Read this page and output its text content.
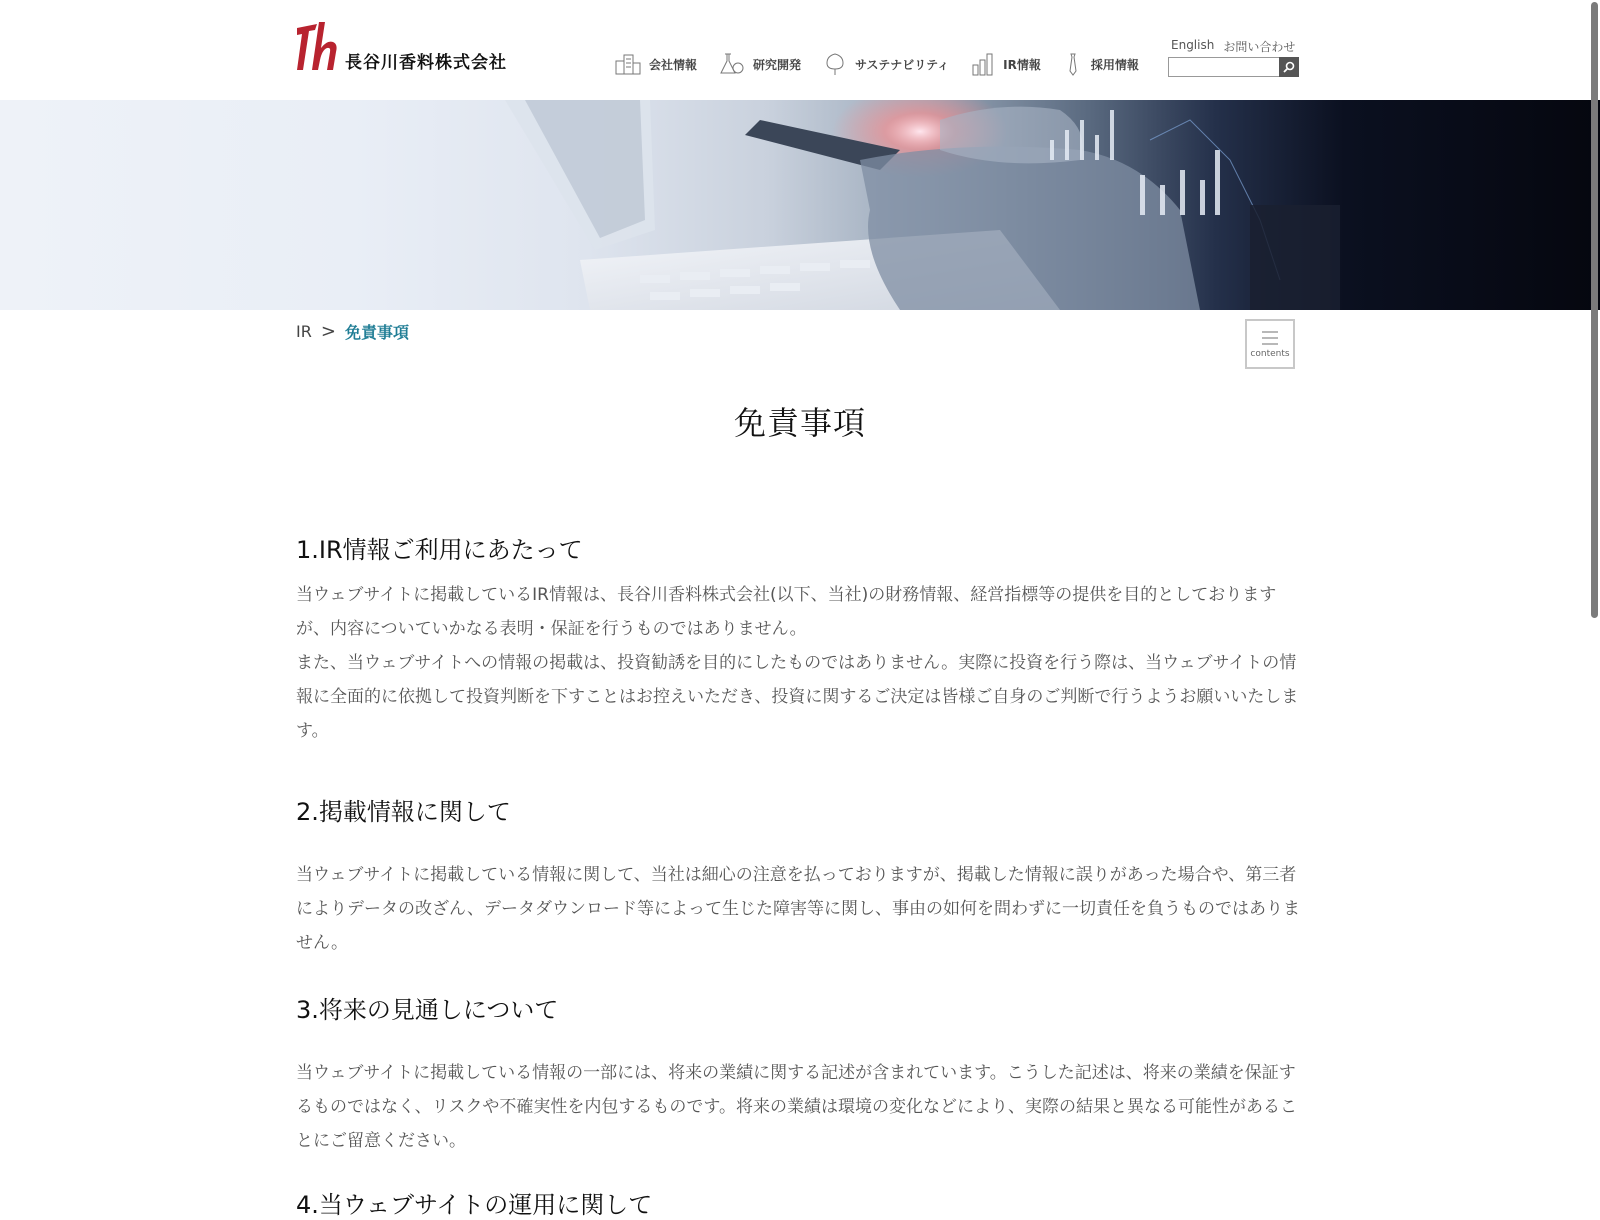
長谷川香料株式会社	会社情報	研究開発	サステナビリティ	IR情報	採用情報
English お問い合わせ
IR > 免責事項
contents
免責事項
1.IR情報ご利用にあたって

当ウェブサイトに掲載しているIR情報は、長谷川香料株式会社(以下、当社)の財務情報、経営指標等の提供を目的としておりますが、内容についていかなる表明・保証を行うものではありません。

また、当ウェブサイトへの情報の掲載は、投資勧誘を目的にしたものではありません。実際に投資を行う際は、当ウェブサイトの情報に全面的に依拠して投資判断を下すことはお控えいただき、投資に関するご決定は皆様ご自身のご判断で行うようお願いいたします。

2.掲載情報に関して

当ウェブサイトに掲載している情報に関して、当社は細心の注意を払っておりますが、掲載した情報に誤りがあった場合や、第三者によりデータの改ざん、データダウンロード等によって生じた障害等に関し、事由の如何を問わずに一切責任を負うものではありません。

3.将来の見通しについて

当ウェブサイトに掲載している情報の一部には、将来の業績に関する記述が含まれています。こうした記述は、将来の業績を保証するものではなく、リスクや不確実性を内包するものです。将来の業績は環境の変化などにより、実際の結果と異なる可能性があることにご留意ください。

4.当ウェブサイトの運用に関して
